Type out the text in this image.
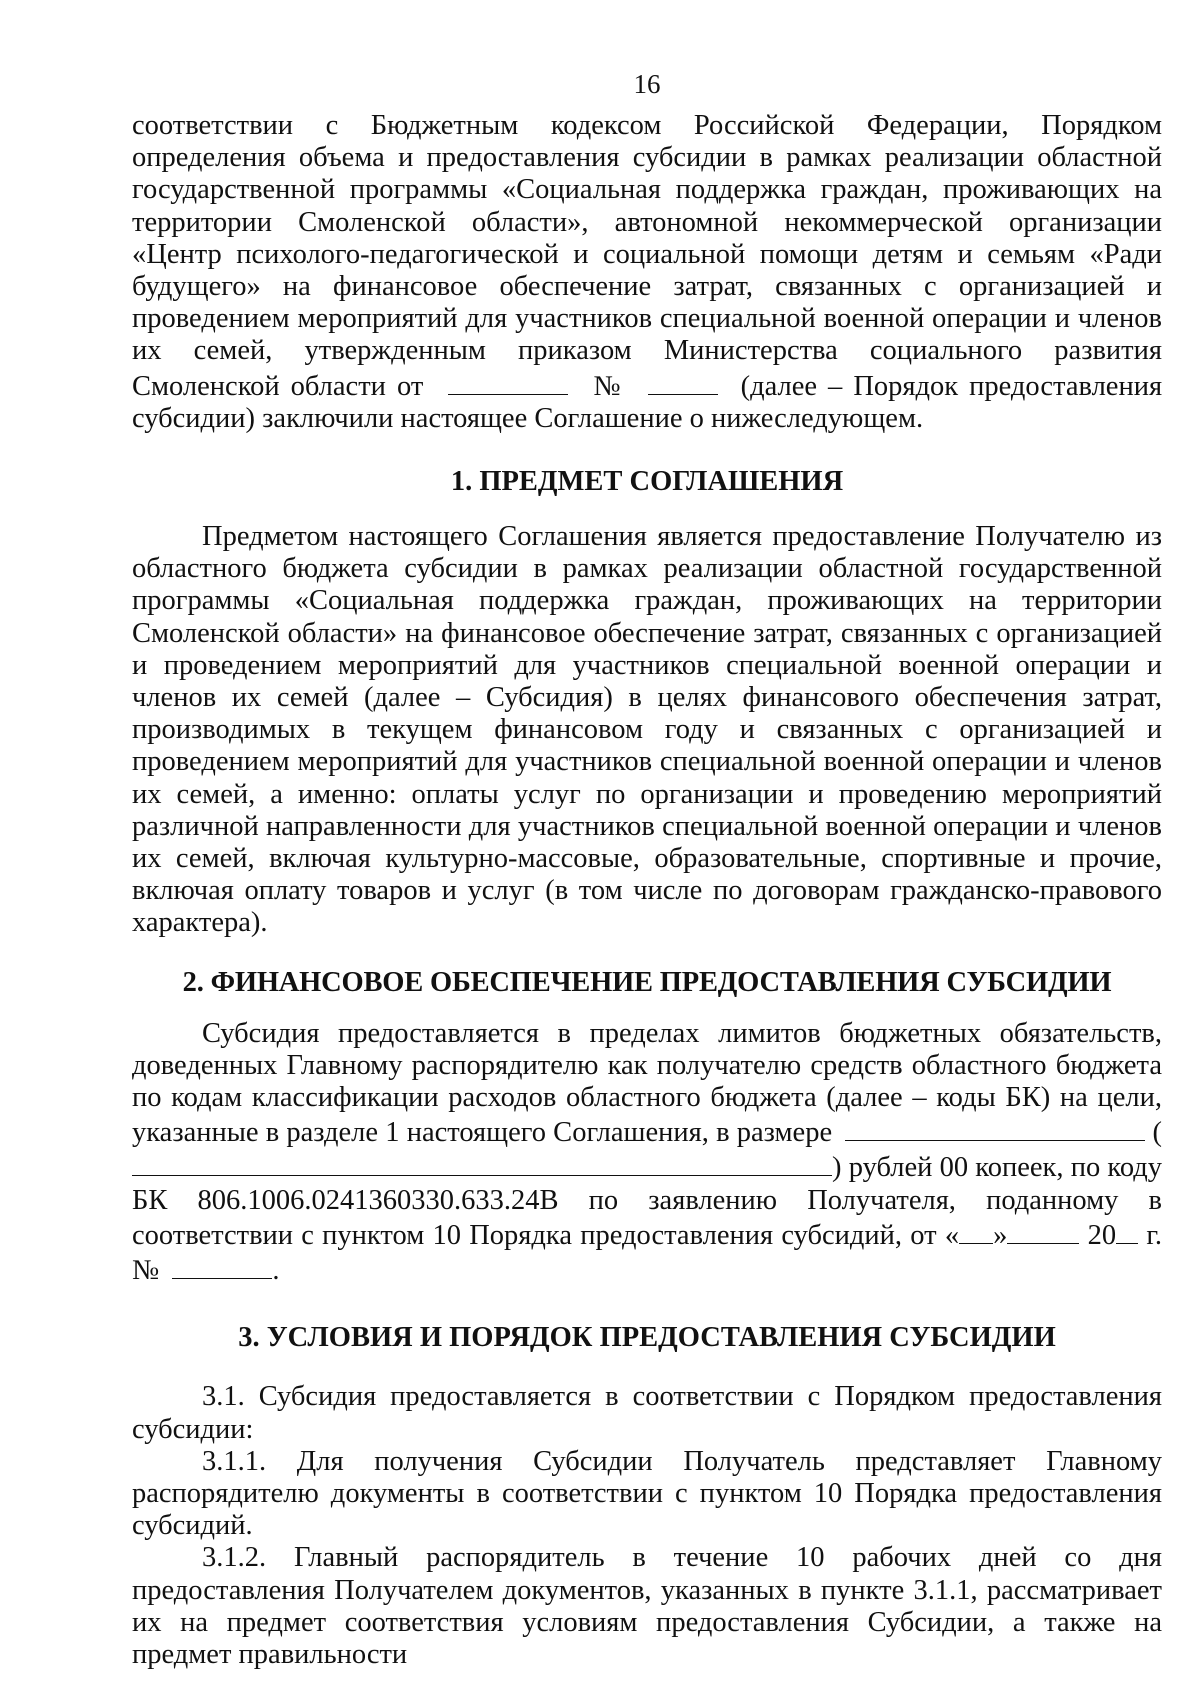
16

соответствии с Бюджетным кодексом Российской Федерации, Порядком определения объема и предоставления субсидии в рамках реализации областной государственной программы «Социальная поддержка граждан, проживающих на территории Смоленской области», автономной некоммерческой организации «Центр психолого-педагогической и социальной помощи детям и семьям «Ради будущего» на финансовое обеспечение затрат, связанных с организацией и проведением мероприятий для участников специальной военной операции и членов их семей, утвержденным приказом Министерства социального развития Смоленской области от	№	(далее – Порядок предоставления субсидии) заключили настоящее Соглашение о нижеследующем.

1. ПРЕДМЕТ СОГЛАШЕНИЯ

Предметом настоящего Соглашения является предоставление Получателю из областного бюджета субсидии в рамках реализации областной государственной программы «Социальная поддержка граждан, проживающих на территории Смоленской области» на финансовое обеспечение затрат, связанных с организацией и проведением мероприятий для участников специальной военной операции и членов их семей (далее – Субсидия) в целях финансового обеспечения затрат, производимых в текущем финансовом году и связанных с организацией и проведением мероприятий для участников специальной военной операции и членов их семей, а именно: оплаты услуг по организации и проведению мероприятий различной направленности для участников специальной военной операции и членов их семей, включая культурно-массовые, образовательные, спортивные и прочие, включая оплату товаров и услуг (в том числе по договорам гражданско-правового характера).

2. ФИНАНСОВОЕ ОБЕСПЕЧЕНИЕ ПРЕДОСТАВЛЕНИЯ СУБСИДИИ

Субсидия предоставляется в пределах лимитов бюджетных обязательств, доведенных Главному распорядителю как получателю средств областного бюджета по кодам классификации расходов областного бюджета (далее – коды БК) на цели, указанные в разделе 1 настоящего Соглашения, в размере	() рублей 00 копеек, по коду БК 806.1006.0241360330.633.24В по заявлению Получателя, поданному в соответствии с пунктом 10 Порядка предоставления субсидий, от « »	20 г. №	.

3. УСЛОВИЯ И ПОРЯДОК ПРЕДОСТАВЛЕНИЯ СУБСИДИИ

3.1. Субсидия предоставляется в соответствии с Порядком предоставления субсидии:

3.1.1. Для получения Субсидии Получатель представляет Главному распорядителю документы в соответствии с пунктом 10 Порядка предоставления субсидий.

3.1.2. Главный распорядитель в течение 10 рабочих дней со дня предоставления Получателем документов, указанных в пункте 3.1.1, рассматривает их на предмет соответствия условиям предоставления Субсидии, а также на предмет правильности
